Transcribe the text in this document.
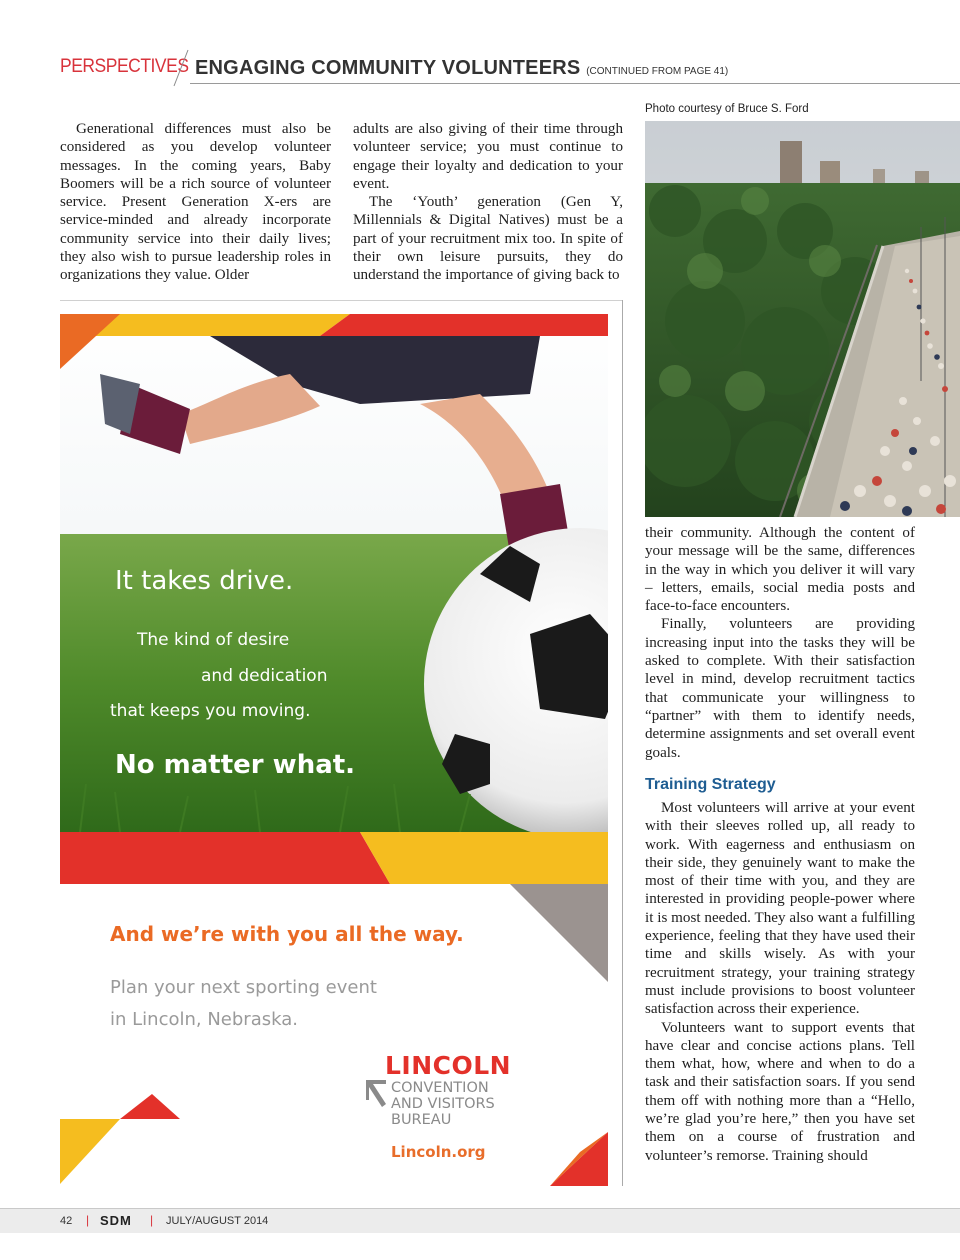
PERSPECTIVES ENGAGING COMMUNITY VOLUNTEERS (CONTINUED FROM PAGE 41)

Generational differences must also be considered as you develop volunteer messages. In the coming years, Baby Boomers will be a rich source of volunteer service. Present Generation X-ers are service-minded and already incorporate community service into their daily lives; they also wish to pursue leadership roles in organizations they value. Older

adults are also giving of their time through volunteer service; you must continue to engage their loyalty and dedication to your event.

The ‘Youth’ generation (Gen Y, Millennials & Digital Natives) must be a part of your recruitment mix too. In spite of their own leisure pursuits, they do understand the importance of giving back to

Photo courtesy of Bruce S. Ford

their community. Although the content of your message will be the same, differences in the way in which you deliver it will vary – letters, emails, social media posts and face-to-face encounters.

Finally, volunteers are providing increasing input into the tasks they will be asked to complete. With their satisfaction level in mind, develop recruitment tactics that communicate your willingness to “partner” with them to identify needs, determine assignments and set overall event goals.

Training Strategy

Most volunteers will arrive at your event with their sleeves rolled up, all ready to work. With eagerness and enthusiasm on their side, they genuinely want to make the most of their time with you, and they are interested in providing people-power where it is most needed. They also want a fulfilling experience, feeling that they have used their time and skills wisely. As with your recruitment strategy, your training strategy must include provisions to boost volunteer satisfaction across their experience.

Volunteers want to support events that have clear and concise actions plans. Tell them what, how, where and when to do a task and their satisfaction soars. If you send them off with nothing more than a “Hello, we’re glad you’re here,” then you have set them on a course of frustration and volunteer’s remorse. Training should

It takes drive.
The kind of desire
and dedication
that keeps you moving.
No matter what.
And we’re with you all the way.
Plan your next sporting event
in Lincoln, Nebraska.
LINCOLN
CONVENTION
AND VISITORS
BUREAU
Lincoln.org
42 | SDM | JULY/AUGUST 2014
